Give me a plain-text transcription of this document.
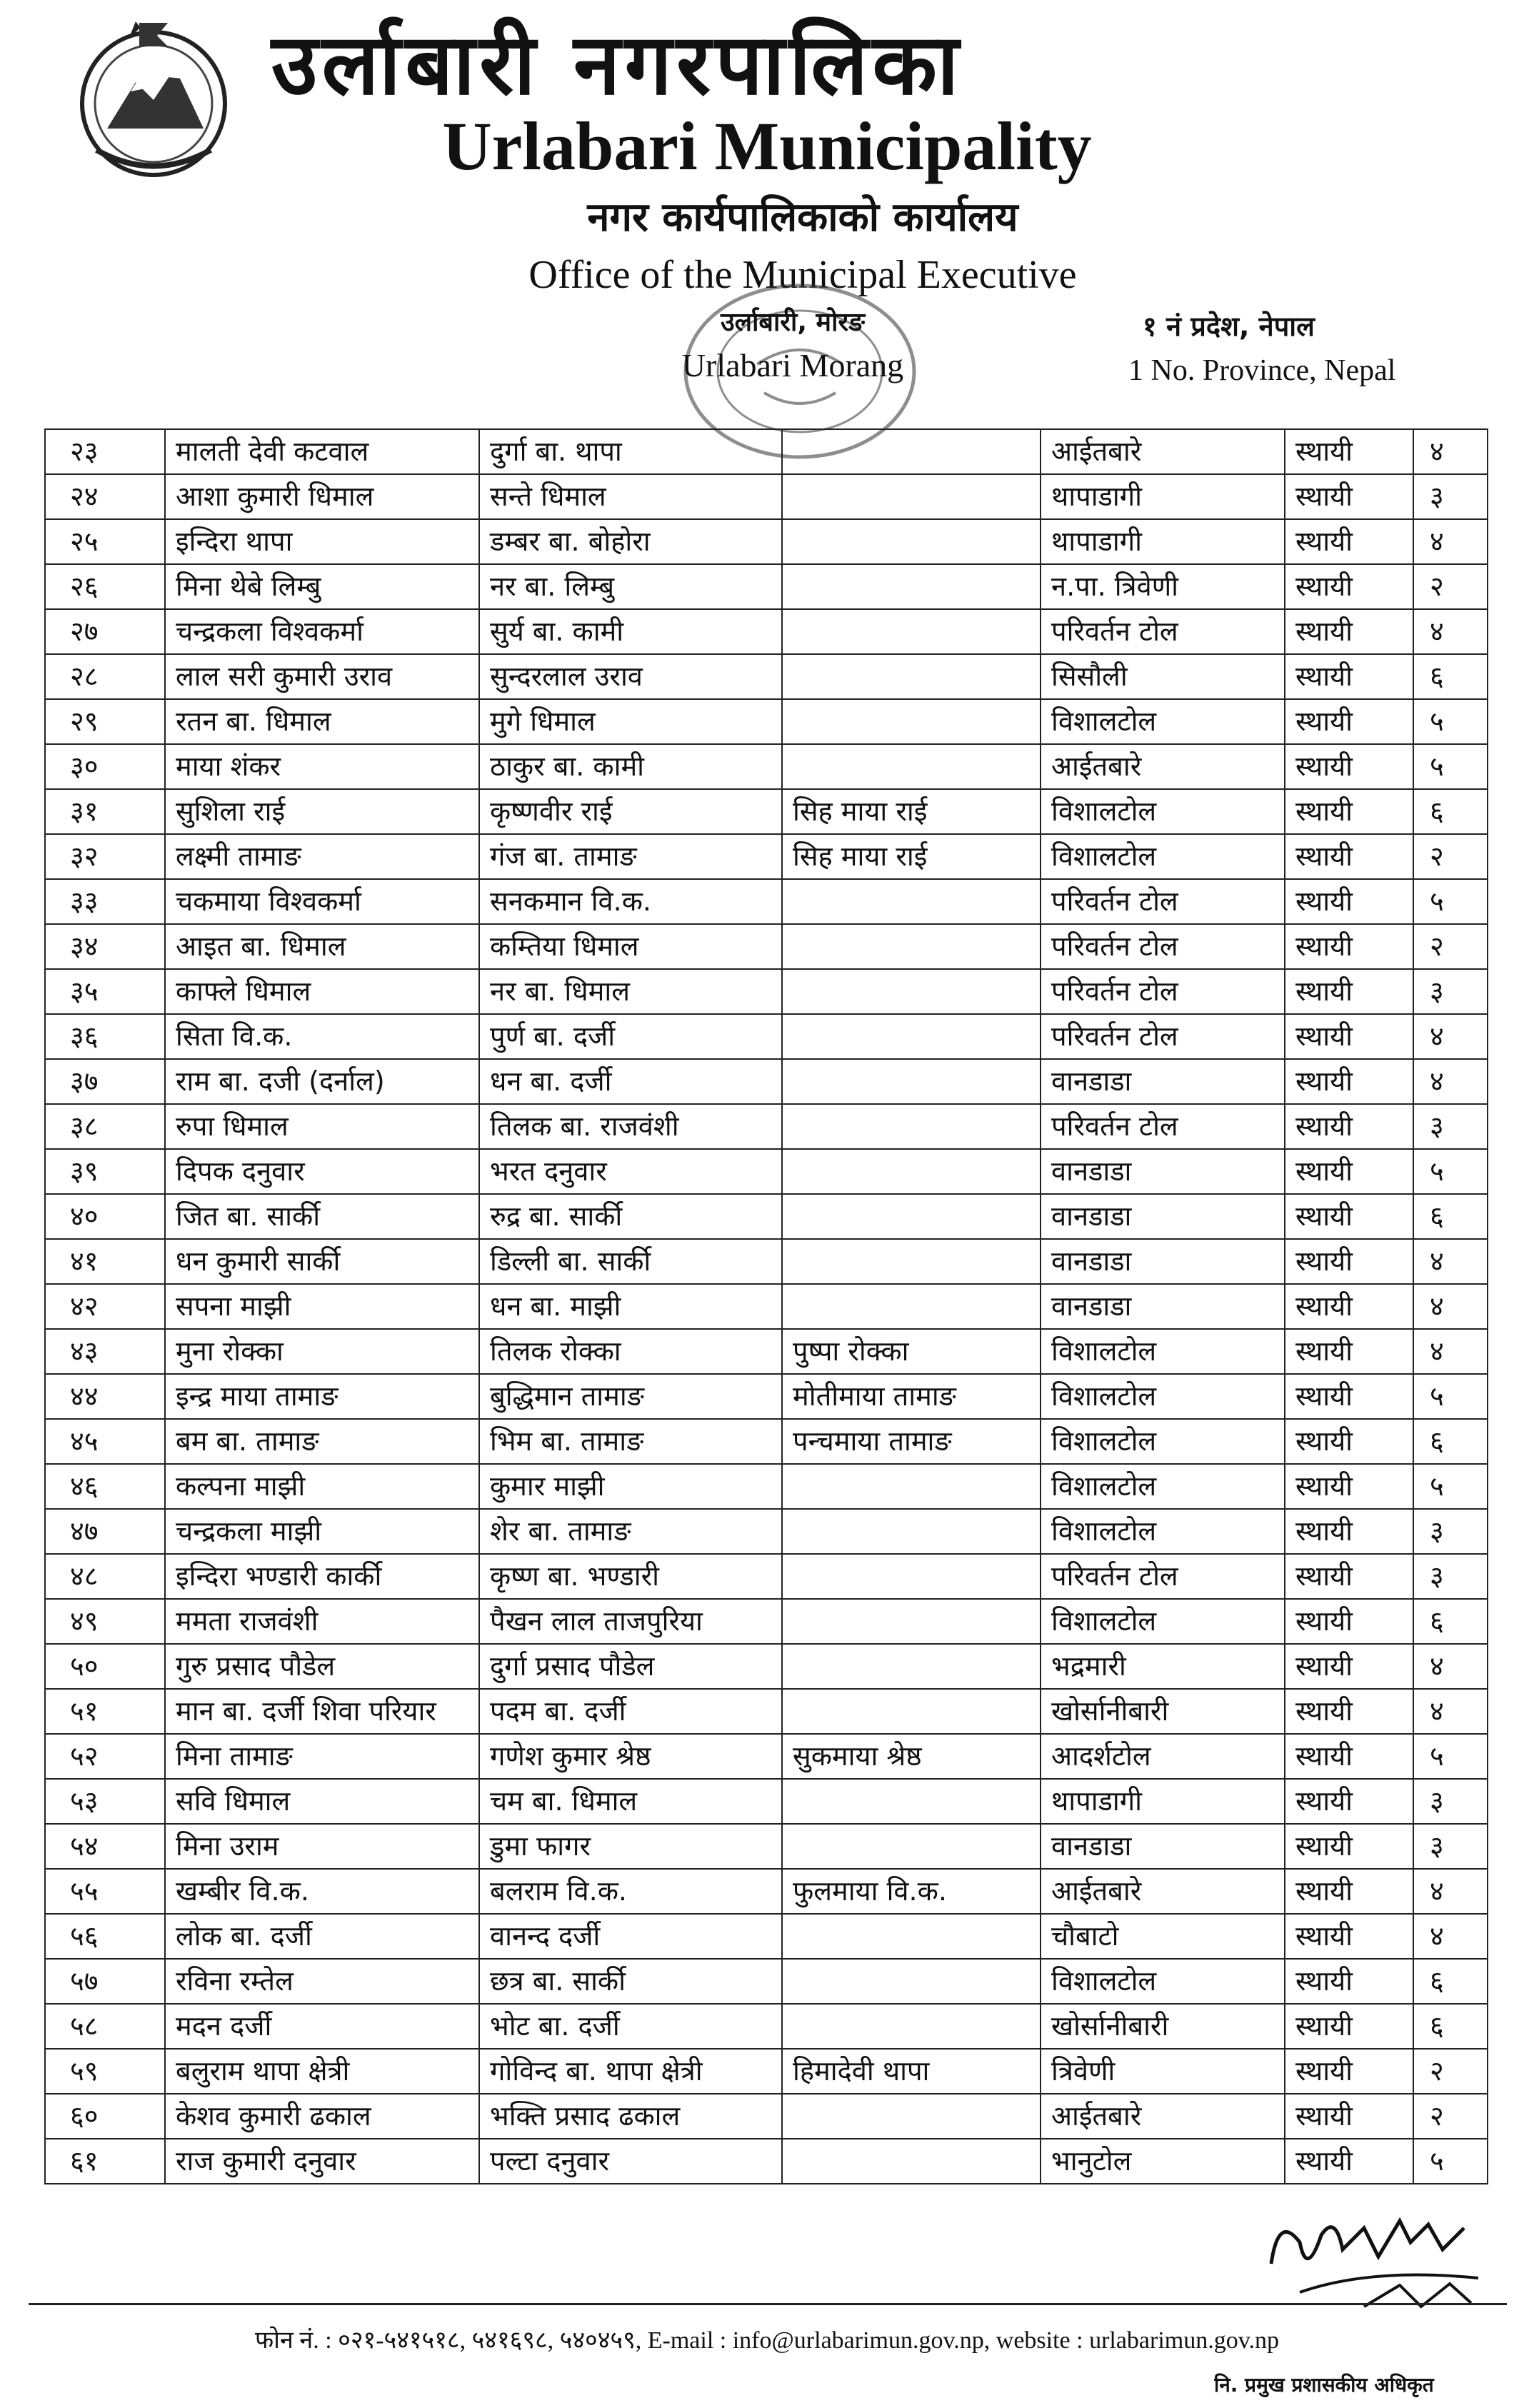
उर्लाबारी नगरपालिका
Urlabari Municipality
नगर कार्यपालिकाको कार्यालय
Office of the Municipal Executive
उर्लाबारी, मोरङ
Urlabari Morang
१ नं प्रदेश, नेपाल
1 No. Province, Nepal
२३	मालती देवी कटवाल	दुर्गा बा. थापा		आईतबारे	स्थायी	४
२४	आशा कुमारी धिमाल	सन्ते धिमाल		थापाडागी	स्थायी	३
२५	इन्दिरा थापा	डम्बर बा. बोहोरा		थापाडागी	स्थायी	४
२६	मिना थेबे लिम्बु	नर बा. लिम्बु		न.पा. त्रिवेणी	स्थायी	२
२७	चन्द्रकला विश्वकर्मा	सुर्य बा. कामी		परिवर्तन टोल	स्थायी	४
२८	लाल सरी कुमारी उराव	सुन्दरलाल उराव		सिसौली	स्थायी	६
२९	रतन बा. धिमाल	मुगे धिमाल		विशालटोल	स्थायी	५
३०	माया शंकर	ठाकुर बा. कामी		आईतबारे	स्थायी	५
३१	सुशिला राई	कृष्णवीर राई	सिह माया राई	विशालटोल	स्थायी	६
३२	लक्ष्मी तामाङ	गंज बा. तामाङ	सिह माया राई	विशालटोल	स्थायी	२
३३	चकमाया विश्वकर्मा	सनकमान वि.क.		परिवर्तन टोल	स्थायी	५
३४	आइत बा. धिमाल	कम्तिया धिमाल		परिवर्तन टोल	स्थायी	२
३५	काफ्ले धिमाल	नर बा. धिमाल		परिवर्तन टोल	स्थायी	३
३६	सिता वि.क.	पुर्ण बा. दर्जी		परिवर्तन टोल	स्थायी	४
३७	राम बा. दजी (दर्नाल)	धन बा. दर्जी		वानडाडा	स्थायी	४
३८	रुपा धिमाल	तिलक बा. राजवंशी		परिवर्तन टोल	स्थायी	३
३९	दिपक दनुवार	भरत दनुवार		वानडाडा	स्थायी	५
४०	जित बा. सार्की	रुद्र बा. सार्की		वानडाडा	स्थायी	६
४१	धन कुमारी सार्की	डिल्ली बा. सार्की		वानडाडा	स्थायी	४
४२	सपना माझी	धन बा. माझी		वानडाडा	स्थायी	४
४३	मुना रोक्का	तिलक रोक्का	पुष्पा रोक्का	विशालटोल	स्थायी	४
४४	इन्द्र माया तामाङ	बुद्धिमान तामाङ	मोतीमाया तामाङ	विशालटोल	स्थायी	५
४५	बम बा. तामाङ	भिम बा. तामाङ	पन्चमाया तामाङ	विशालटोल	स्थायी	६
४६	कल्पना माझी	कुमार माझी		विशालटोल	स्थायी	५
४७	चन्द्रकला माझी	शेर बा. तामाङ		विशालटोल	स्थायी	३
४८	इन्दिरा भण्डारी कार्की	कृष्ण बा. भण्डारी		परिवर्तन टोल	स्थायी	३
४९	ममता राजवंशी	पैखन लाल ताजपुरिया		विशालटोल	स्थायी	६
५०	गुरु प्रसाद पौडेल	दुर्गा प्रसाद पौडेल		भद्रमारी	स्थायी	४
५१	मान बा. दर्जी शिवा परियार	पदम बा. दर्जी		खोर्सानीबारी	स्थायी	४
५२	मिना तामाङ	गणेश कुमार श्रेष्ठ	सुकमाया श्रेष्ठ	आदर्शटोल	स्थायी	५
५३	सवि धिमाल	चम बा. धिमाल		थापाडागी	स्थायी	३
५४	मिना उराम	डुमा फागर		वानडाडा	स्थायी	३
५५	खम्बीर वि.क.	बलराम वि.क.	फुलमाया वि.क.	आईतबारे	स्थायी	४
५६	लोक बा. दर्जी	वानन्द दर्जी		चौबाटो	स्थायी	४
५७	रविना रम्तेल	छत्र बा. सार्की		विशालटोल	स्थायी	६
५८	मदन दर्जी	भोट बा. दर्जी		खोर्सानीबारी	स्थायी	६
५९	बलुराम थापा क्षेत्री	गोविन्द बा. थापा क्षेत्री	हिमादेवी थापा	त्रिवेणी	स्थायी	२
६०	केशव कुमारी ढकाल	भक्ति प्रसाद ढकाल		आईतबारे	स्थायी	२
६१	राज कुमारी दनुवार	पल्टा दनुवार		भानुटोल	स्थायी	५
फोन नं. : ०२१-५४१५१८, ५४१६९८, ५४०४५९, E-mail : info@urlabarimun.gov.np, website : urlabarimun.gov.np
नि. प्रमुख प्रशासकीय अधिकृत
